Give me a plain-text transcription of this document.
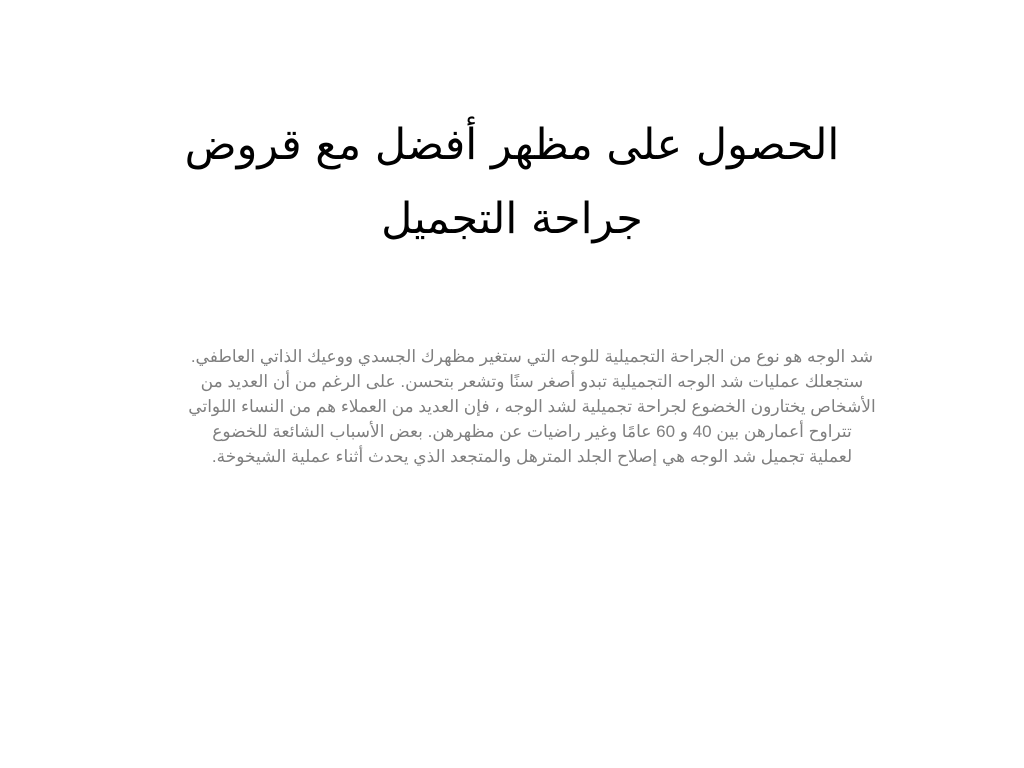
الحصول على مظهر أفضل مع قروض
جراحة التجميل

شد الوجه هو نوع من الجراحة التجميلية للوجه التي ستغير مظهرك الجسدي ووعيك الذاتي العاطفي.
ستجعلك عمليات شد الوجه التجميلية تبدو أصغر سنًا وتشعر بتحسن. على الرغم من أن العديد من
الأشخاص يختارون الخضوع لجراحة تجميلية لشد الوجه ، فإن العديد من العملاء هم من النساء اللواتي
تتراوح أعمارهن بين 40 و 60 عامًا وغير راضيات عن مظهرهن. بعض الأسباب الشائعة للخضوع
لعملية تجميل شد الوجه هي إصلاح الجلد المترهل والمتجعد الذي يحدث أثناء عملية الشيخوخة.
